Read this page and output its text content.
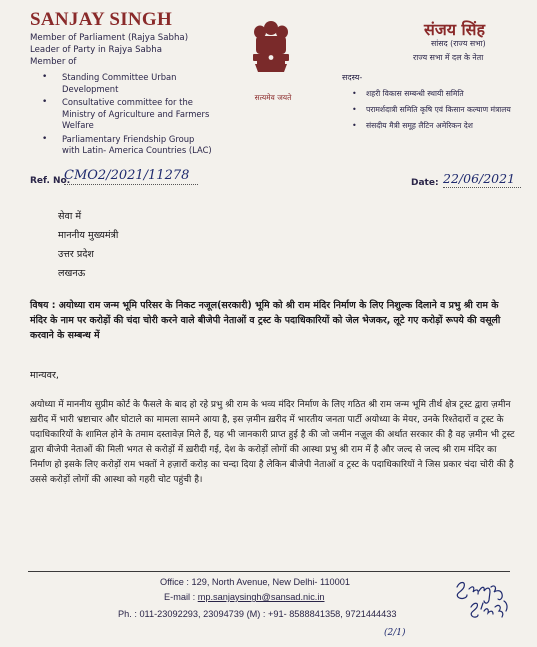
SANJAY SINGH
Member of Parliament (Rajya Sabha)
Leader of Party in Rajya Sabha
Member of
• Standing Committee Urban Development
• Consultative committee for the Ministry of Agriculture and Farmers Welfare
• Parliamentary Friendship Group with Latin- America Countries (LAC)
सत्यमेव जयते
संजय सिंह
सांसद (राज्य सभा)
राज्य सभा में दल के नेता
सदस्य-
• शहरी विकास सम्बन्धी स्थायी समिति
• परामर्शदात्री समिति कृषि एवं किसान कल्याण मंत्रालय
• संसदीय मैत्री समूह लैटिन अमेरिकन देश
Ref. No.
CMO2/2021/11278	Date: 22/06/2021
सेवा में
माननीय मुख्यमंत्री
उत्तर प्रदेश
लखनऊ

विषय : अयोध्या राम जन्म भूमि परिसर के निकट नजूल(सरकारी) भूमि को श्री राम मंदिर निर्माण के लिए निशुल्क दिलाने व प्रभु श्री राम के मंदिर के नाम पर करोड़ों की चंदा चोरी करने वाले बीजेपी नेताओं व ट्रस्ट के पदाधिकारियों को जेल भेजकर, लूटे गए करोड़ों रूपये की वसूली करवाने के सम्बन्ध में

मान्यवर,

अयोध्या में माननीय सुप्रीम कोर्ट के फैसले के बाद हो रहे प्रभु श्री राम के भव्य मंदिर निर्माण के लिए गठित श्री राम जन्म भूमि तीर्थ क्षेत्र ट्रस्ट द्वारा ज़मीन ख़रीद में भारी भ्रष्टाचार और घोटाले का मामला सामने आया है, इस ज़मीन ख़रीद में भारतीय जनता पार्टी अयोध्या के मेयर, उनके रिश्तेदारों व ट्रस्ट के पदाधिकारियों के शामिल होने के तमाम दस्तावेज़ मिले हैं, यह भी जानकारी प्राप्त हुई है की जो जमीन नज़ूल की अर्थात सरकार की है वह ज़मीन भी ट्रस्ट द्वारा बीजेपी नेताओं की मिली भगत से करोड़ों में ख़रीदी गई, देश के करोड़ों लोगों की आस्था प्रभु श्री राम में है और जल्द से जल्द श्री राम मंदिर का निर्माण हो इसके लिए करोड़ों राम भक्तों ने हज़ारों करोड़ का चन्दा दिया है लेकिन बीजेपी नेताओं व ट्रस्ट के पदाधिकारियों ने जिस प्रकार चंदा चोरी की है उससे करोड़ों लोगों की आस्था को गहरी चोट पहुंची है।

Office : 129, North Avenue, New Delhi- 110001
E-mail : mp.sanjaysingh@sansad.nic.in
Ph. : 011-23092293, 23094739 (M) : +91- 8588841358, 9721444433
(2/1)
